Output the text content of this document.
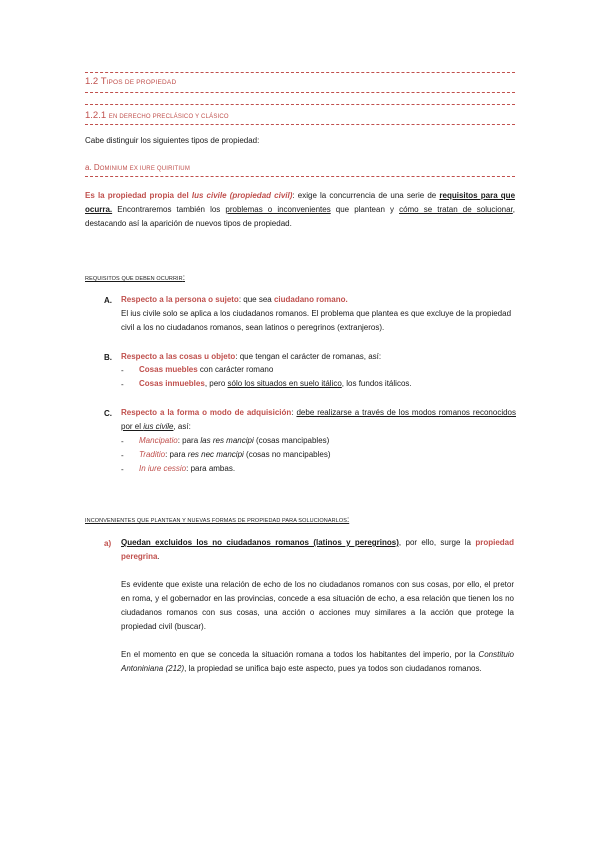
1.2 TIPOS DE PROPIEDAD
1.2.1 EN DERECHO PRECLÁSICO Y CLÁSICO
Cabe distinguir los siguientes tipos de propiedad:
a. DOMINIUM EX IURE QUIRITIUM
Es la propiedad propia del Ius civile (propiedad civil): exige la concurrencia de una serie de requisitos para que ocurra. Encontraremos también los problemas o inconvenientes que plantean y cómo se tratan de solucionar, destacando así la aparición de nuevos tipos de propiedad.
REQUISITOS QUE DEBEN OCURRIR:
A. Respecto a la persona o sujeto: que sea ciudadano romano.
El ius civile solo se aplica a los ciudadanos romanos. El problema que plantea es que excluye de la propiedad civil a los no ciudadanos romanos, sean latinos o peregrinos (extranjeros).
B. Respecto a las cosas u objeto: que tengan el carácter de romanas, así:
- Cosas muebles con carácter romano
- Cosas inmuebles, pero sólo los situados en suelo itálico, los fundos itálicos.
C. Respecto a la forma o modo de adquisición: debe realizarse a través de los modos romanos reconocidos por el ius civile, así:
- Mancipatio: para las res mancipi (cosas mancipables)
- Traditio: para res nec mancipi (cosas no mancipables)
- In iure cessio: para ambas.
INCONVENIENTES QUE PLANTEAN Y NUEVAS FORMAS DE PROPIEDAD PARA SOLUCIONARLOS:
a) Quedan excluidos los no ciudadanos romanos (latinos y peregrinos), por ello, surge la propiedad peregrina.
Es evidente que existe una relación de echo de los no ciudadanos romanos con sus cosas, por ello, el pretor en roma, y el gobernador en las provincias, concede a esa situación de echo, a esa relación que tienen los no ciudadanos romanos con sus cosas, una acción o acciones muy similares a la acción que protege la propiedad civil (buscar).
En el momento en que se conceda la situación romana a todos los habitantes del imperio, por la Constituio Antoniniana (212), la propiedad se unifica bajo este aspecto, pues ya todos son ciudadanos romanos.
